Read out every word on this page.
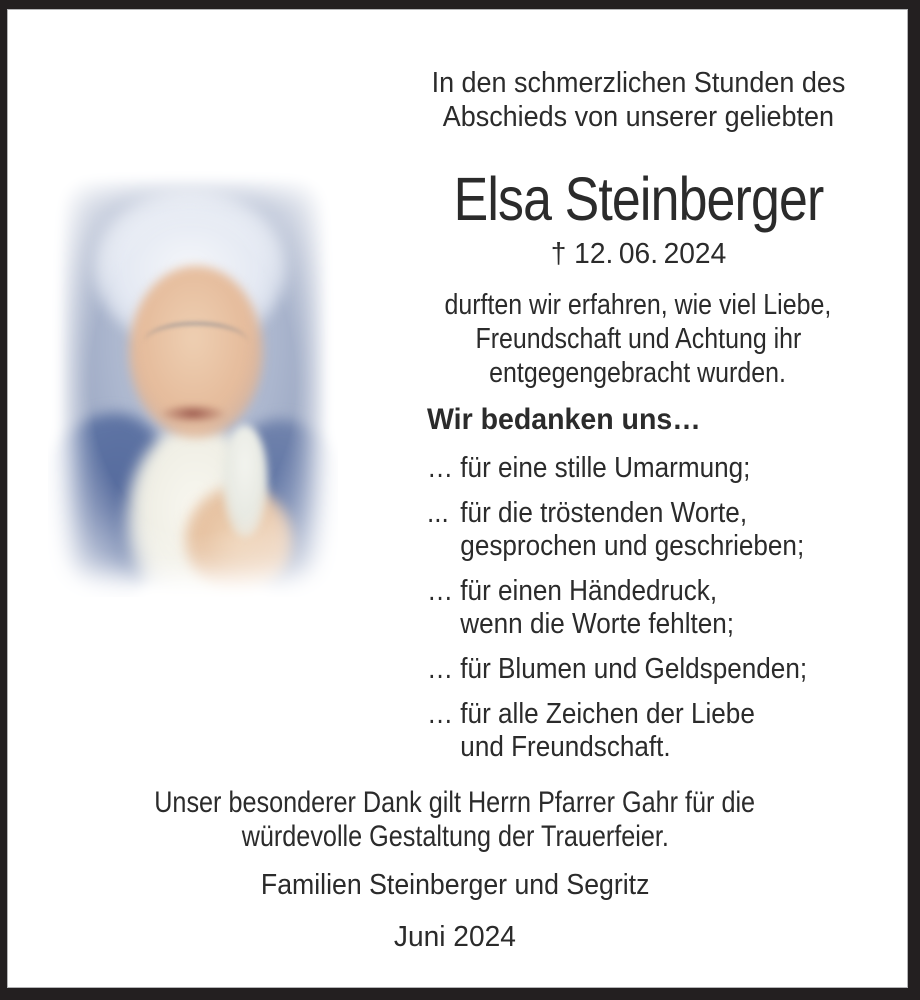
In den schmerzlichen Stunden des
Abschieds von unserer geliebten
Elsa Steinberger
† 12. 06. 2024
durften wir erfahren, wie viel Liebe,
Freundschaft und Achtung ihr
entgegengebracht wurden.
Wir bedanken uns…
… für eine stille Umarmung;
... für die tröstenden Worte,
gesprochen und geschrieben;
… für einen Händedruck,
wenn die Worte fehlten;
… für Blumen und Geldspenden;
… für alle Zeichen der Liebe
und Freundschaft.
Unser besonderer Dank gilt Herrn Pfarrer Gahr für die
würdevolle Gestaltung der Trauerfeier.
Familien Steinberger und Segritz
Juni 2024
